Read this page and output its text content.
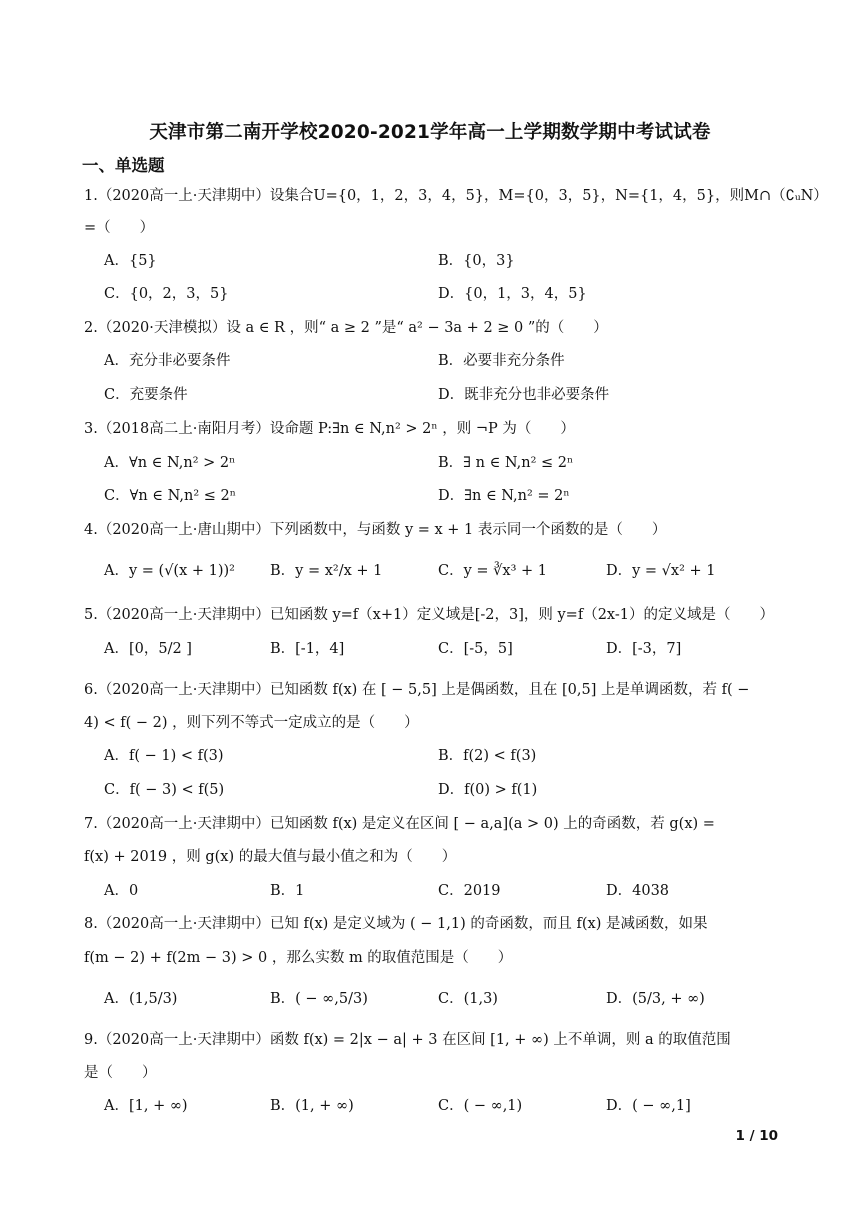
天津市第二南开学校2020-2021学年高一上学期数学期中考试试卷
一、单选题
1.（2020高一上·天津期中）设集合U={0，1，2，3，4，5}，M={0，3，5}，N={1，4，5}，则M∩（∁ᵤN）
=（　　）
A．{5}	B．{0，3}
C．{0，2，3，5}	D．{0，1，3，4，5}
2.（2020·天津模拟）设 a ∈ R ，则“ a ≥ 2 ”是“ a² − 3a + 2 ≥ 0 ”的（　　）
A．充分非必要条件	B．必要非充分条件
C．充要条件	D．既非充分也非必要条件
3.（2018高二上·南阳月考）设命题 P:∃n ∈ N,n² > 2ⁿ ，则 ¬P 为（　　）
A．∀n ∈ N,n² > 2ⁿ	B．∃ n ∈ N,n² ≤ 2ⁿ
C．∀n ∈ N,n² ≤ 2ⁿ	D．∃n ∈ N,n² = 2ⁿ
4.（2020高一上·唐山期中）下列函数中，与函数 y = x + 1 表示同一个函数的是（　　）
A．y = (√(x + 1))² B．y = x²/x + 1	C．y = ∛x³ + 1	D．y = √x² + 1
5.（2020高一上·天津期中）已知函数 y=f（x+1）定义域是[-2，3]，则 y=f（2x-1）的定义域是（　　）
A．[0，5/2 ]	B．[-1，4]	C．[-5，5]	D．[-3，7]
6.（2020高一上·天津期中）已知函数 f(x) 在 [ − 5,5] 上是偶函数，且在 [0,5] 上是单调函数，若 f( −
4) < f( − 2) ，则下列不等式一定成立的是（　　）
A．f( − 1) < f(3)	B．f(2) < f(3)
C．f( − 3) < f(5)	D．f(0) > f(1)
7.（2020高一上·天津期中）已知函数 f(x) 是定义在区间 [ − a,a](a > 0) 上的奇函数，若 g(x) =
f(x) + 2019 ，则 g(x) 的最大值与最小值之和为（　　）
A．0	B．1	C．2019	D．4038
8.（2020高一上·天津期中）已知 f(x) 是定义域为 ( − 1,1) 的奇函数，而且 f(x) 是减函数，如果
f(m − 2) + f(2m − 3) > 0 ，那么实数 m 的取值范围是（　　）
A．(1,5/3)	B．( − ∞,5/3)	C．(1,3)	D．(5/3, + ∞)
9.（2020高一上·天津期中）函数 f(x) = 2|x − a| + 3 在区间 [1, + ∞) 上不单调，则 a 的取值范围
是（　　）
A．[1, + ∞)	B．(1, + ∞)	C．( − ∞,1)	D．( − ∞,1]
1 / 10
